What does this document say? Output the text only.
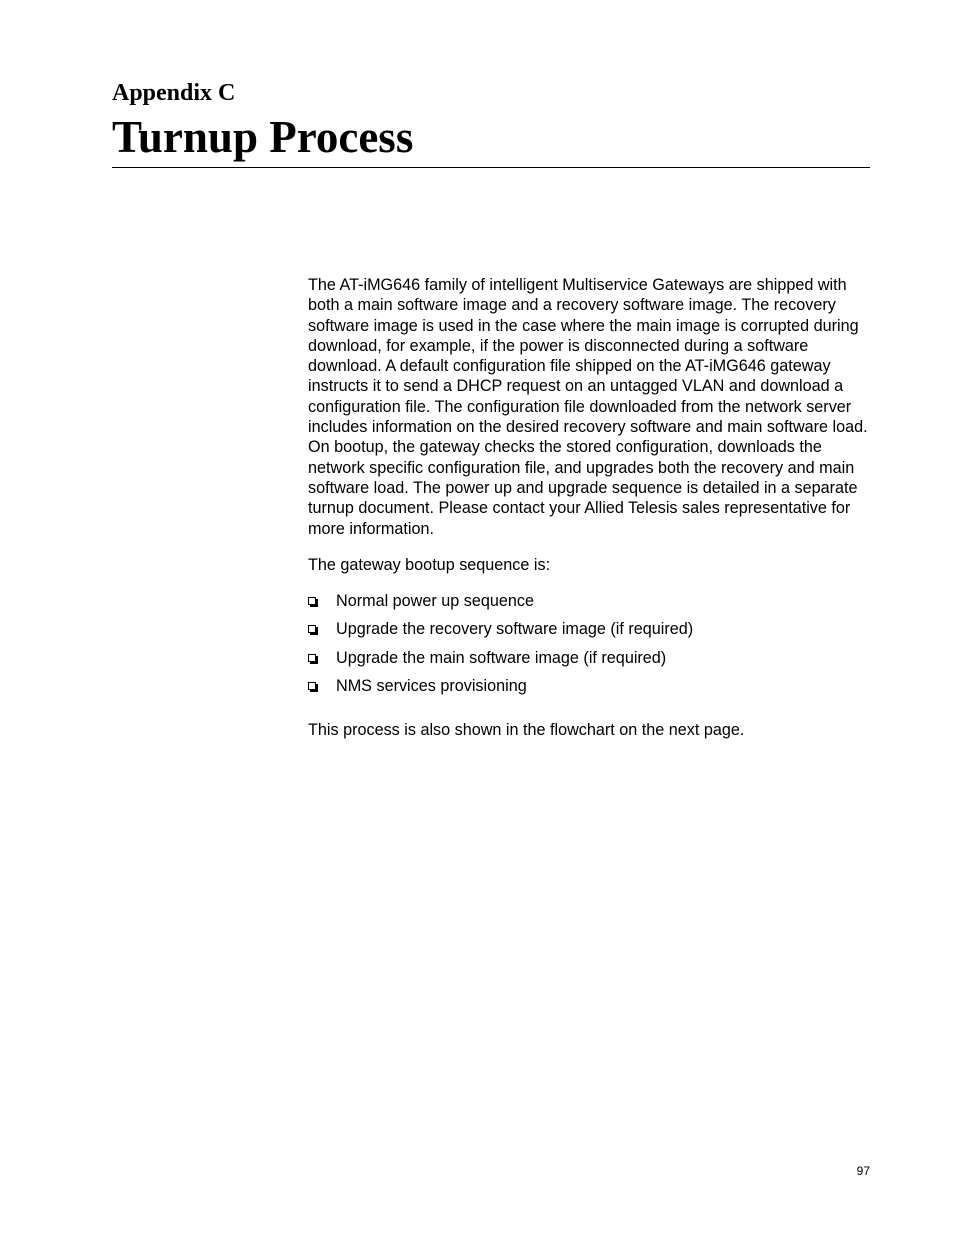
Appendix C
Turnup Process

The AT-iMG646 family of intelligent Multiservice Gateways are shipped with both a main software image and a recovery software image. The recovery software image is used in the case where the main image is corrupted during download, for example, if the power is disconnected during a software download. A default configuration file shipped on the AT-iMG646 gateway instructs it to send a DHCP request on an untagged VLAN and download a configuration file. The configuration file downloaded from the network server includes information on the desired recovery software and main software load. On bootup, the gateway checks the stored configuration, downloads the network specific configuration file, and upgrades both the recovery and main software load. The power up and upgrade sequence is detailed in a separate turnup document. Please contact your Allied Telesis sales representative for more information.

The gateway bootup sequence is:

Normal power up sequence
Upgrade the recovery software image (if required)
Upgrade the main software image (if required)
NMS services provisioning

This process is also shown in the flowchart on the next page.

97
